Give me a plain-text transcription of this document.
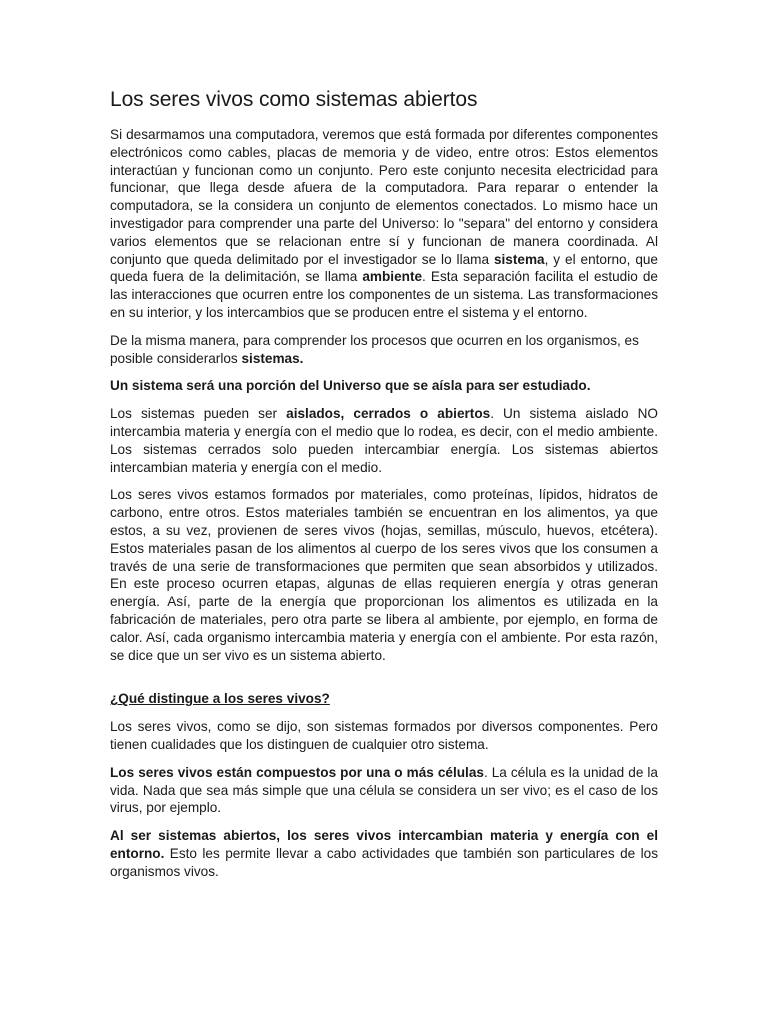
Los seres vivos como sistemas abiertos

Si desarmamos una computadora, veremos que está formada por diferentes componentes electrónicos como cables, placas de memoria y de video, entre otros: Estos elementos interactúan y funcionan como un conjunto. Pero este conjunto necesita electricidad para funcionar, que llega desde afuera de la computadora. Para reparar o entender la computadora, se la considera un conjunto de elementos conectados. Lo mismo hace un investigador para comprender una parte del Universo: lo "separa" del entorno y considera varios elementos que se relacionan entre sí y funcionan de manera coordinada. Al conjunto que queda delimitado por el investigador se lo llama sistema, y el entorno, que queda fuera de la delimitación, se llama ambiente. Esta separación facilita el estudio de las interacciones que ocurren entre los componentes de un sistema. Las transformaciones en su interior, y los intercambios que se producen entre el sistema y el entorno.

De la misma manera, para comprender los procesos que ocurren en los organismos, es posible considerarlos sistemas.

Un sistema será una porción del Universo que se aísla para ser estudiado.

Los sistemas pueden ser aislados, cerrados o abiertos. Un sistema aislado NO intercambia materia y energía con el medio que lo rodea, es decir, con el medio ambiente. Los sistemas cerrados solo pueden intercambiar energía. Los sistemas abiertos intercambian materia y energía con el medio.

Los seres vivos estamos formados por materiales, como proteínas, lípidos, hidratos de carbono, entre otros. Estos materiales también se encuentran en los alimentos, ya que estos, a su vez, provienen de seres vivos (hojas, semillas, músculo, huevos, etcétera). Estos materiales pasan de los alimentos al cuerpo de los seres vivos que los consumen a través de una serie de transformaciones que permiten que sean absorbidos y utilizados. En este proceso ocurren etapas, algunas de ellas requieren energía y otras generan energía. Así, parte de la energía que proporcionan los alimentos es utilizada en la fabricación de materiales, pero otra parte se libera al ambiente, por ejemplo, en forma de calor. Así, cada organismo intercambia materia y energía con el ambiente. Por esta razón, se dice que un ser vivo es un sistema abierto.

¿Qué distingue a los seres vivos?

Los seres vivos, como se dijo, son sistemas formados por diversos componentes. Pero tienen cualidades que los distinguen de cualquier otro sistema.

Los seres vivos están compuestos por una o más células. La célula es la unidad de la vida. Nada que sea más simple que una célula se considera un ser vivo; es el caso de los virus, por ejemplo.

Al ser sistemas abiertos, los seres vivos intercambian materia y energía con el entorno. Esto les permite llevar a cabo actividades que también son particulares de los organismos vivos.
